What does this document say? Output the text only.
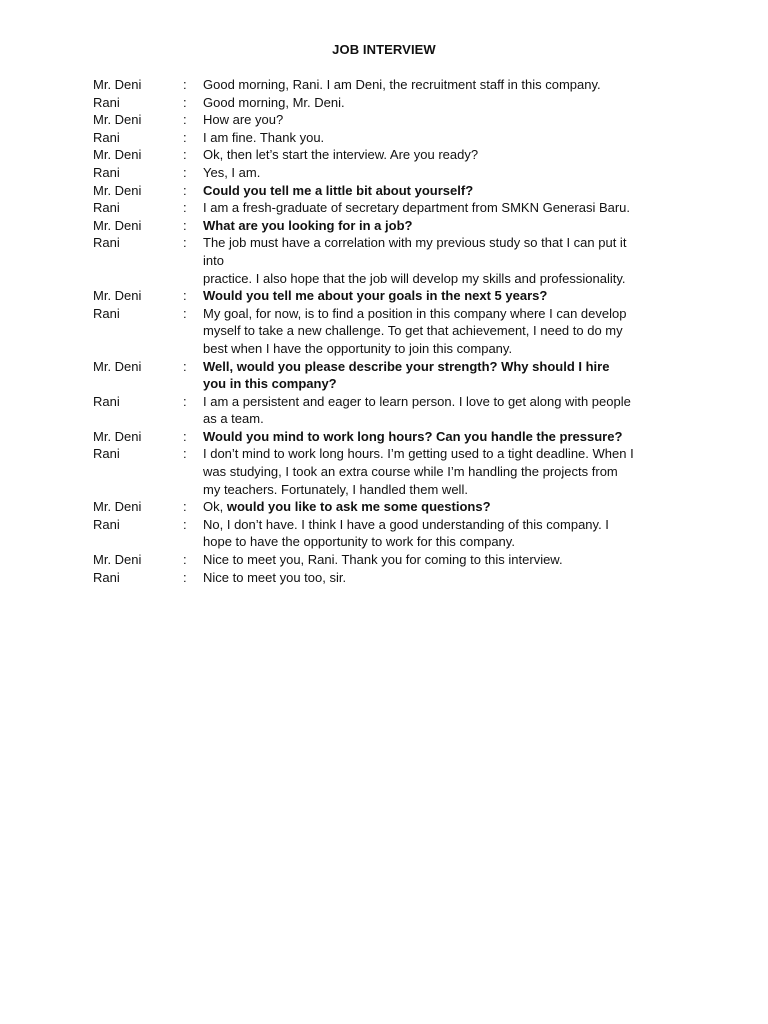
JOB INTERVIEW
Mr. Deni	:	Good morning, Rani. I am Deni, the recruitment staff in this company.
Rani	:	Good morning, Mr. Deni.
Mr. Deni	:	How are you?
Rani	:	I am fine. Thank you.
Mr. Deni	:	Ok, then let’s start the interview. Are you ready?
Rani	:	Yes, I am.
Mr. Deni	:	Could you tell me a little bit about yourself?
Rani	:	I am a fresh-graduate of secretary department from SMKN Generasi Baru.
Mr. Deni	:	What are you looking for in a job?
Rani	:	The job must have a correlation with my previous study so that I can put it
into
practice. I also hope that the job will develop my skills and professionality.
Mr. Deni	:	Would you tell me about your goals in the next 5 years?
Rani	:	My goal, for now, is to find a position in this company where I can develop
myself to take a new challenge. To get that achievement, I need to do my
best when I have the opportunity to join this company.
Mr. Deni	:	Well, would you please describe your strength? Why should I hire
you in this company?
Rani	:	I am a persistent and eager to learn person. I love to get along with people
as a team.
Mr. Deni	:	Would you mind to work long hours? Can you handle the pressure?
Rani	:	I don’t mind to work long hours. I’m getting used to a tight deadline. When I
was studying, I took an extra course while I’m handling the projects from
my teachers. Fortunately, I handled them well.
Mr. Deni	:	Ok, would you like to ask me some questions?
Rani	:	No, I don’t have. I think I have a good understanding of this company. I
hope to have the opportunity to work for this company.
Mr. Deni	:	Nice to meet you, Rani. Thank you for coming to this interview.
Rani	:	Nice to meet you too, sir.
